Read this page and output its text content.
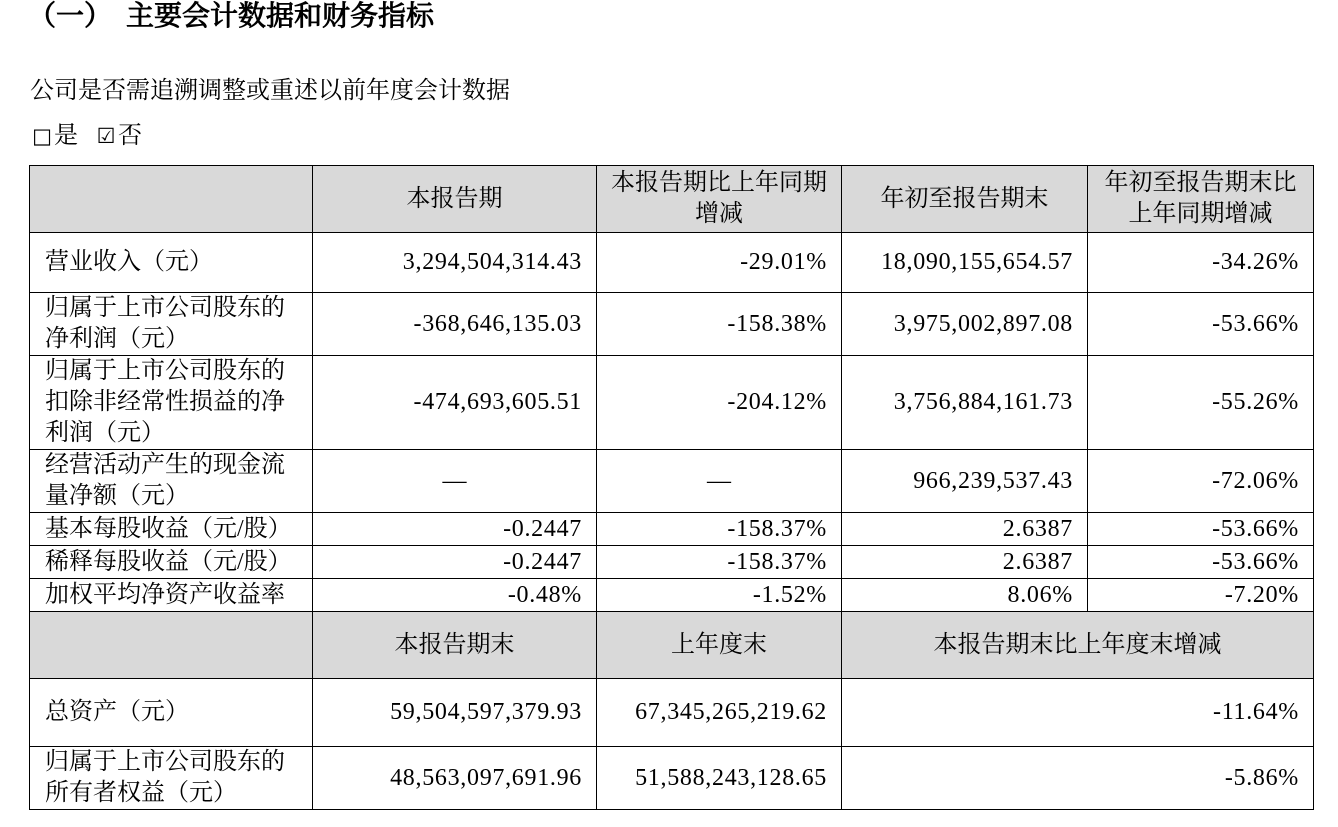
（一） 主要会计数据和财务指标
公司是否需追溯调整或重述以前年度会计数据
□是 ☑ 否
	本报告期	本报告期比上年同期增减	年初至报告期末	年初至报告期末比上年同期增减
营业收入（元）	3,294,504,314.43	-29.01%	18,090,155,654.57	-34.26%
归属于上市公司股东的净利润（元）	-368,646,135.03	-158.38%	3,975,002,897.08	-53.66%
归属于上市公司股东的扣除非经常性损益的净利润（元）	-474,693,605.51	-204.12%	3,756,884,161.73	-55.26%
经营活动产生的现金流量净额（元）	—	—	966,239,537.43	-72.06%
基本每股收益（元/股）	-0.2447	-158.37%	2.6387	-53.66%
稀释每股收益（元/股）	-0.2447	-158.37%	2.6387	-53.66%
加权平均净资产收益率	-0.48%	-1.52%	8.06%	-7.20%
	本报告期末	上年度末	本报告期末比上年度末增减	
总资产（元）	59,504,597,379.93	67,345,265,219.62	-11.64%	
归属于上市公司股东的所有者权益（元）	48,563,097,691.96	51,588,243,128.65	-5.86%	
